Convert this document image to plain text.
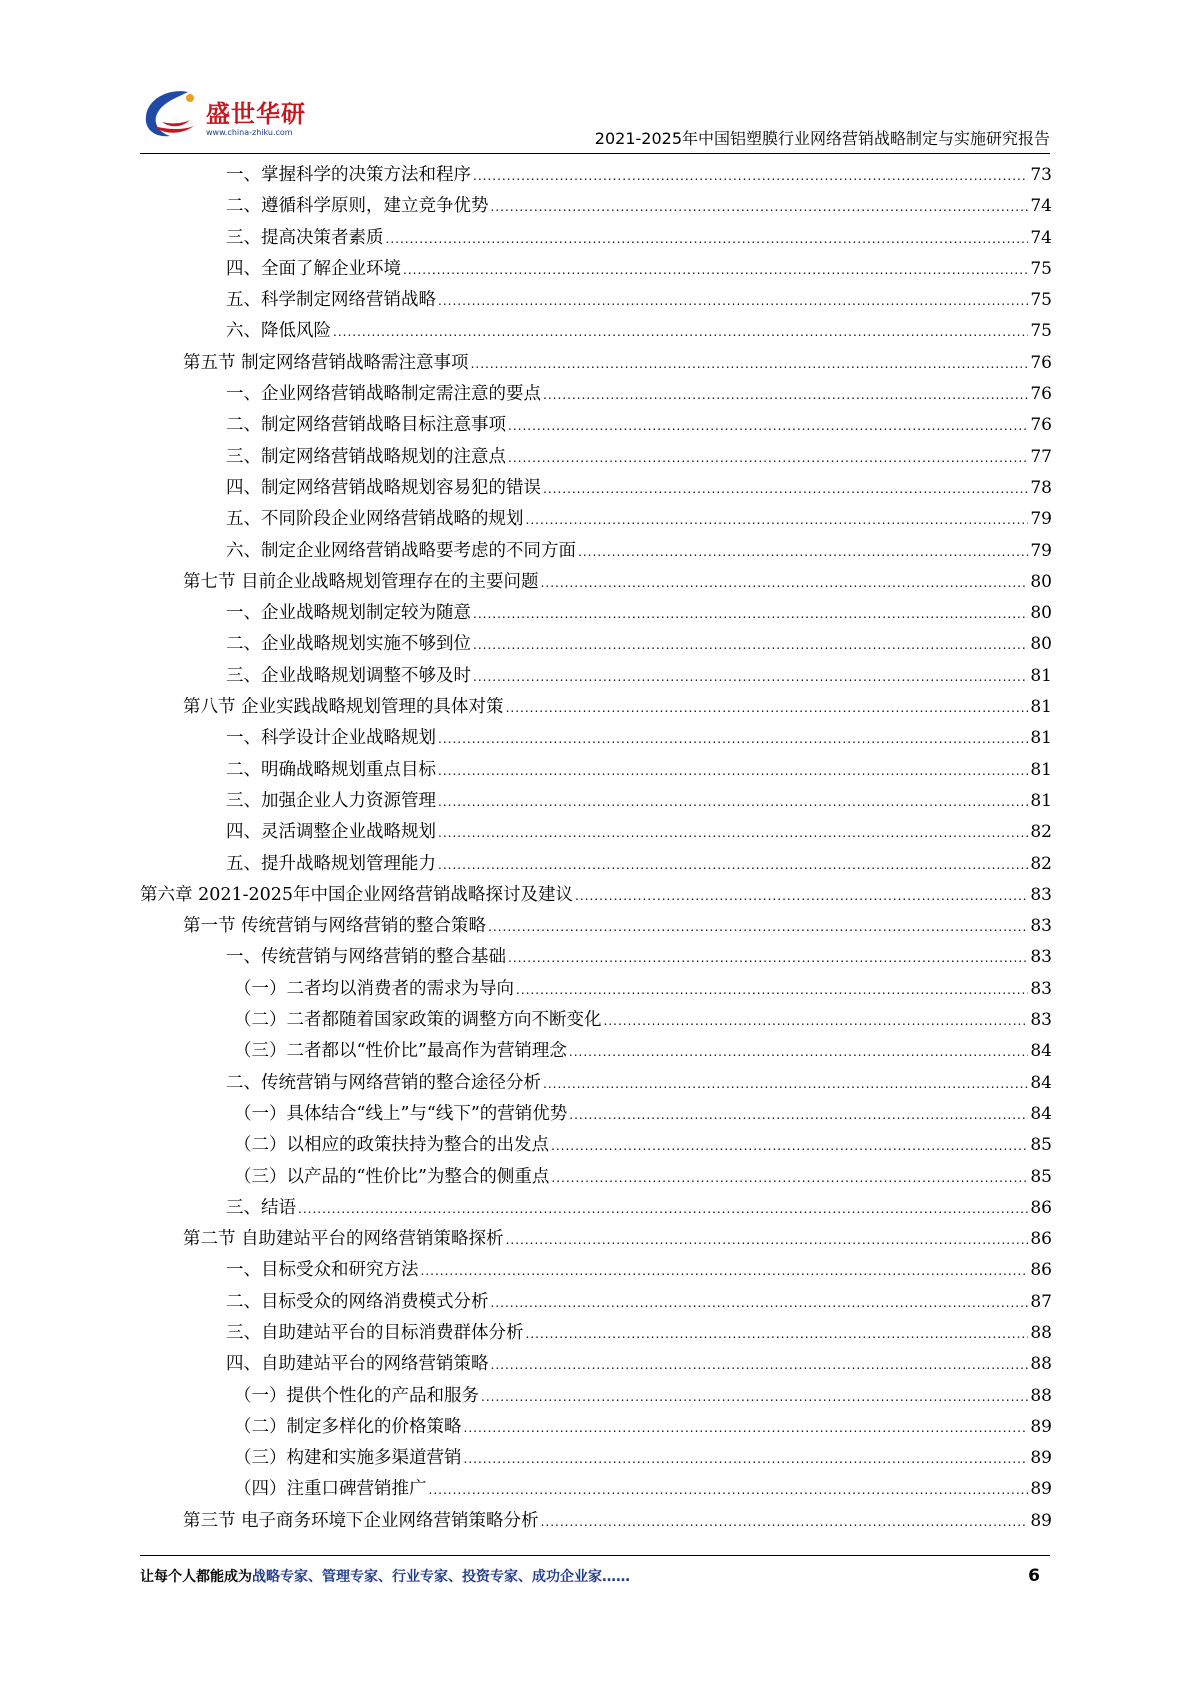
盛世华研
www.china-zhiku.com	2021-2025年中国铝塑膜行业网络营销战略制定与实施研究报告
一、掌握科学的决策方法和程序 .....	73
二、遵循科学原则，建立竞争优势 .....	74
三、提高决策者素质 .....	74
四、全面了解企业环境 .....	75
五、科学制定网络营销战略 .....	75
六、降低风险 .....	75
第五节 制定网络营销战略需注意事项 .....	76
一、企业网络营销战略制定需注意的要点 .....	76
二、制定网络营销战略目标注意事项 .....	76
三、制定网络营销战略规划的注意点 .....	77
四、制定网络营销战略规划容易犯的错误 .....	78
五、不同阶段企业网络营销战略的规划 .....	79
六、制定企业网络营销战略要考虑的不同方面 .....	79
第七节 目前企业战略规划管理存在的主要问题 .....	80
一、企业战略规划制定较为随意 .....	80
二、企业战略规划实施不够到位 .....	80
三、企业战略规划调整不够及时 .....	81
第八节 企业实践战略规划管理的具体对策 .....	81
一、科学设计企业战略规划 .....	81
二、明确战略规划重点目标 .....	81
三、加强企业人力资源管理 .....	81
四、灵活调整企业战略规划 .....	82
五、提升战略规划管理能力 .....	82
第六章 2021-2025年中国企业网络营销战略探讨及建议 .....	83
第一节 传统营销与网络营销的整合策略 .....	83
一、传统营销与网络营销的整合基础 .....	83
（一）二者均以消费者的需求为导向 .....	83
（二）二者都随着国家政策的调整方向不断变化 .....	83
（三）二者都以“性价比”最高作为营销理念 .....	84
二、传统营销与网络营销的整合途径分析 .....	84
（一）具体结合“线上”与“线下”的营销优势 .....	84
（二）以相应的政策扶持为整合的出发点 .....	85
（三）以产品的“性价比”为整合的侧重点 .....	85
三、结语 .....	86
第二节 自助建站平台的网络营销策略探析 .....	86
一、目标受众和研究方法 .....	86
二、目标受众的网络消费模式分析 .....	87
三、自助建站平台的目标消费群体分析 .....	88
四、自助建站平台的网络营销策略 .....	88
（一）提供个性化的产品和服务 .....	88
（二）制定多样化的价格策略 .....	89
（三）构建和实施多渠道营销 .....	89
（四）注重口碑营销推广 .....	89
第三节 电子商务环境下企业网络营销策略分析 .....	89
让每个人都能成为战略专家、管理专家、行业专家、投资专家、成功企业家……	6
